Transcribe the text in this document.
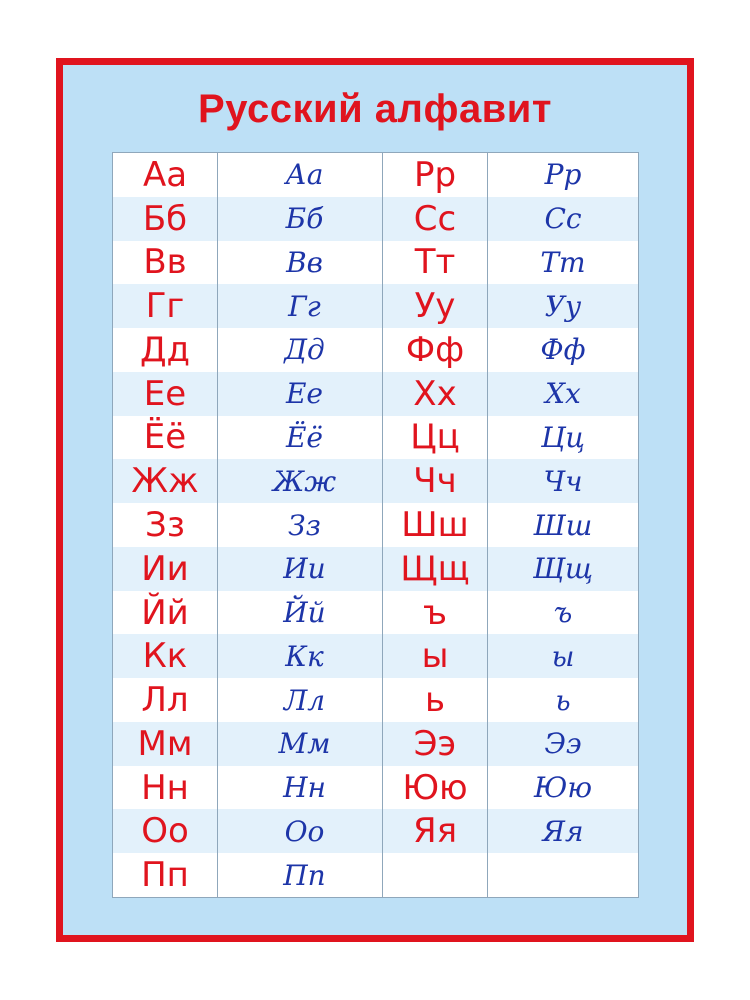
Русский алфавит
Аа
Бб
Вв
Гг
Дд
Ее
Ёё
Жж
Зз
Ии
Йй
Кк
Лл
Мм
Нн
Оо
Пп
Аа
Бб
Вв
Гг
Дд
Ее
Ёё
Жж
Зз
Ии
Йй
Кк
Лл
Мм
Нн
Оо
Пп
Рр
Сс
Тт
Уу
Фф
Хх
Цц
Чч
Шш
Щщ
ъ
ы
ь
Ээ
Юю
Яя
Рр
Сс
Тт
Уу
Фф
Хх
Цц
Чч
Шш
Щщ
ъ
ы
ь
Ээ
Юю
Яя
